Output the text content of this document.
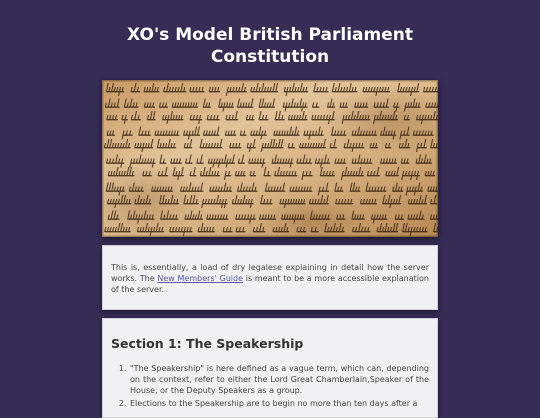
XO's Model British Parliament
Constitution

This is, essentially, a load of dry legalese explaining in detail how the server works. The New Members' Guide is meant to be a more accessible explanation of the server.

Section 1: The Speakership
1. "The Speakership" is here defined as a vague term, which can, depending on the context, refer to either the Lord Great Chamberlain,Speaker of the House, or the Deputy Speakers as a group.
2. Elections to the Speakership are to begin no more than ten days after a
